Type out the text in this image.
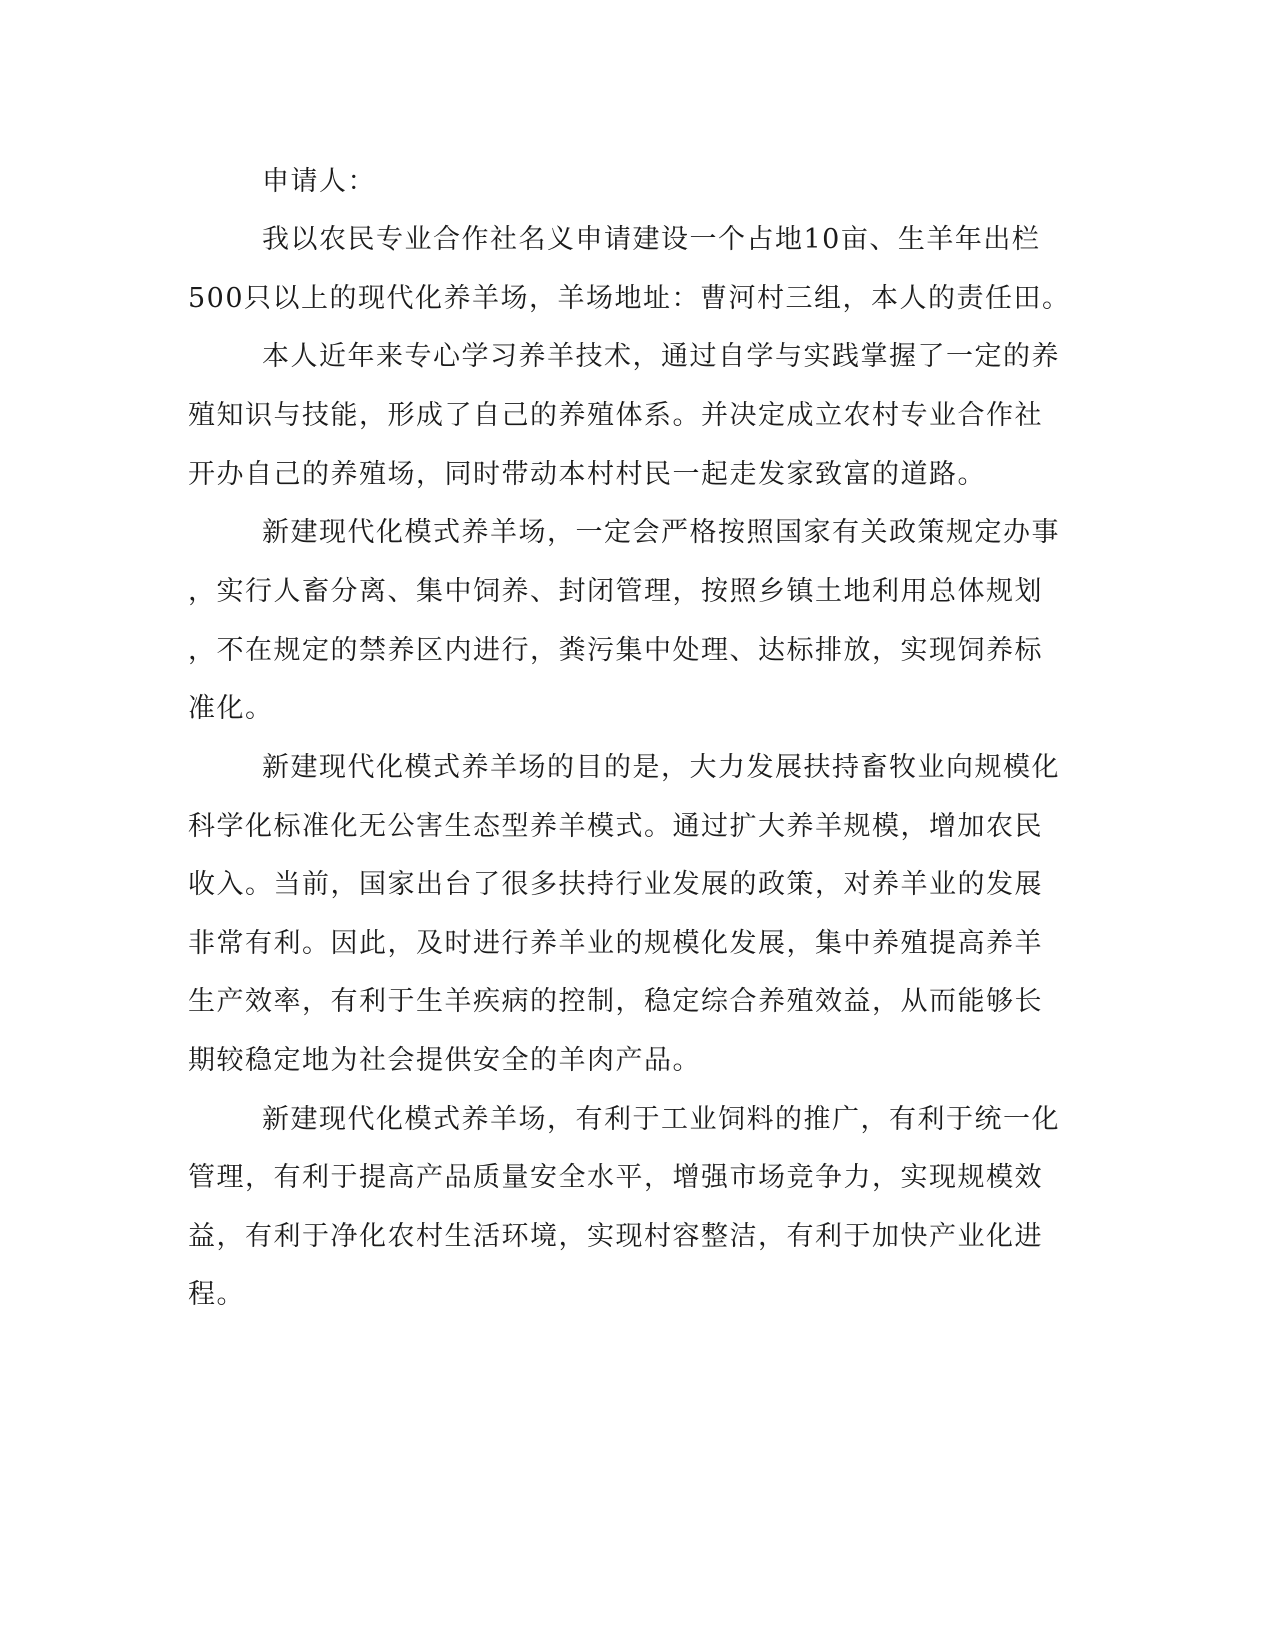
申请人：
我以农民专业合作社名义申请建设一个占地10亩、生羊年出栏
500只以上的现代化养羊场，羊场地址：曹河村三组，本人的责任田。
本人近年来专心学习养羊技术，通过自学与实践掌握了一定的养
殖知识与技能，形成了自己的养殖体系。并决定成立农村专业合作社
开办自己的养殖场，同时带动本村村民一起走发家致富的道路。
新建现代化模式养羊场，一定会严格按照国家有关政策规定办事
，实行人畜分离、集中饲养、封闭管理，按照乡镇土地利用总体规划
，不在规定的禁养区内进行，粪污集中处理、达标排放，实现饲养标
准化。
新建现代化模式养羊场的目的是，大力发展扶持畜牧业向规模化
科学化标准化无公害生态型养羊模式。通过扩大养羊规模，增加农民
收入。当前，国家出台了很多扶持行业发展的政策，对养羊业的发展
非常有利。因此，及时进行养羊业的规模化发展，集中养殖提高养羊
生产效率，有利于生羊疾病的控制，稳定综合养殖效益，从而能够长
期较稳定地为社会提供安全的羊肉产品。
新建现代化模式养羊场，有利于工业饲料的推广，有利于统一化
管理，有利于提高产品质量安全水平，增强市场竞争力，实现规模效
益，有利于净化农村生活环境，实现村容整洁，有利于加快产业化进
程。
